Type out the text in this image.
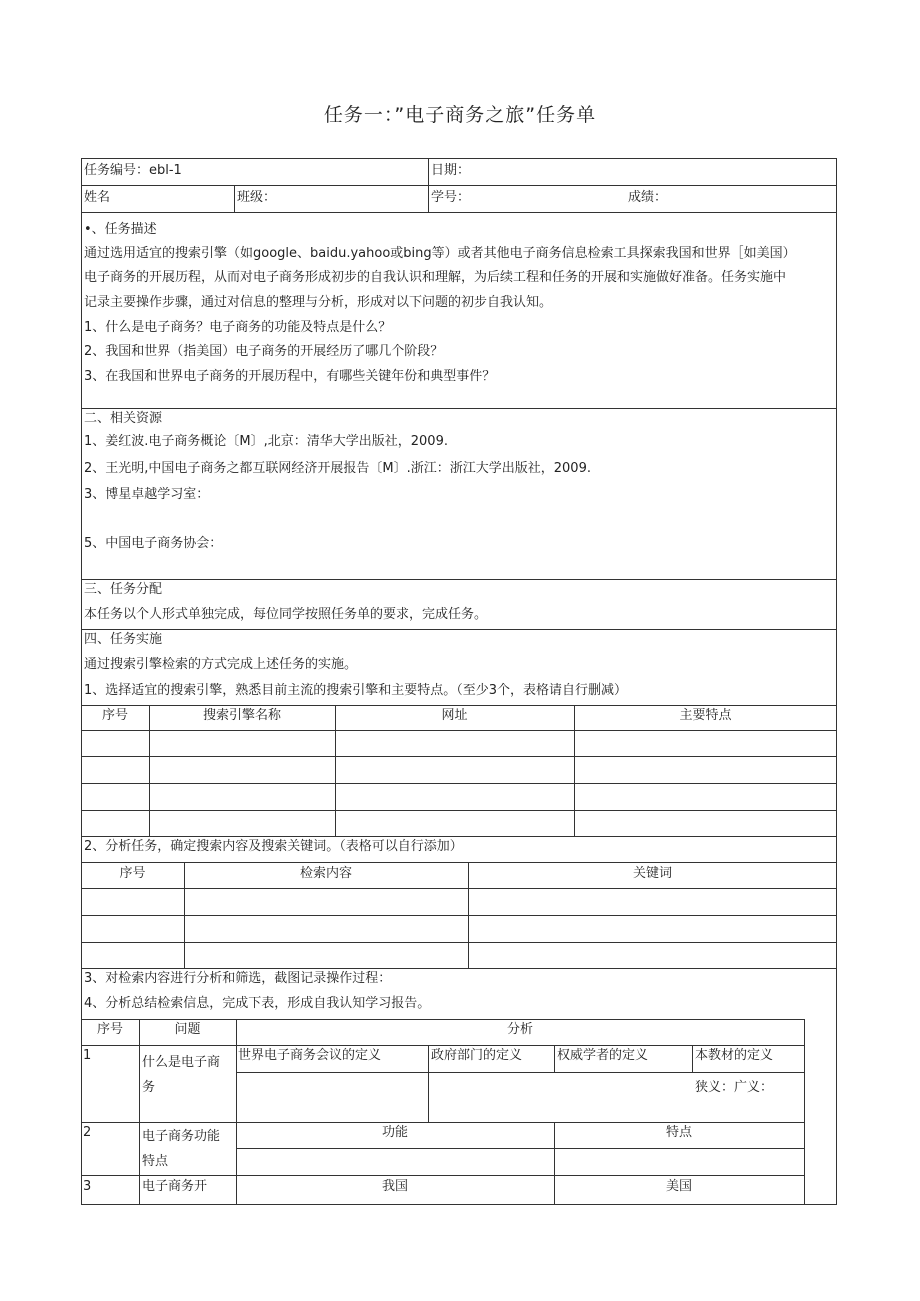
任务一：”电子商务之旅”任务单
任务编号：ebl-1	日期：
姓名	班级：	学号：	成绩：
•、任务描述
通过选用适宜的搜索引擎（如google、baidu.yahoo或bing等）或者其他电子商务信息检索工具探索我国和世界［如美国）
电子商务的开展历程，从而对电子商务形成初步的自我认识和理解，为后续工程和任务的开展和实施做好准备。任务实施中
记录主要操作步骤，通过对信息的整理与分析，形成对以下问题的初步自我认知。
1、什么是电子商务？电子商务的功能及特点是什么？
2、我国和世界（指美国）电子商务的开展经历了哪几个阶段？
3、在我国和世界电子商务的开展历程中，有哪些关键年份和典型事件？
二、相关资源
1、姜红波.电子商务概论〔M〕,北京：清华大学出版社，2009.
2、王光明,中国电子商务之都互联网经济开展报告〔M〕.浙江：浙江大学出版社，2009.
3、博星卓越学习室：
5、中国电子商务协会：
三、任务分配
本任务以个人形式单独完成，每位同学按照任务单的要求，完成任务。
四、任务实施
通过搜索引擎检索的方式完成上述任务的实施。
1、选择适宜的搜索引擎，熟悉目前主流的搜索引擎和主要特点。（至少3个，表格请自行删减）
序号	搜索引擎名称	网址	主要特点
2、分析任务，确定搜索内容及搜索关键词。（表格可以自行添加）
序号	检索内容	关键词
3、对检索内容进行分析和筛选，截图记录操作过程：
4、分析总结检索信息，完成下表，形成自我认知学习报告。
序号	问题	分析
1	什么是电子商
务
世界电子商务会议的定义	政府部门的定义	权威学者的定义	本教材的定义
狭义：广义：
2	电子商务功能
特点
功能	特点
3	电子商务开	我国	美国
